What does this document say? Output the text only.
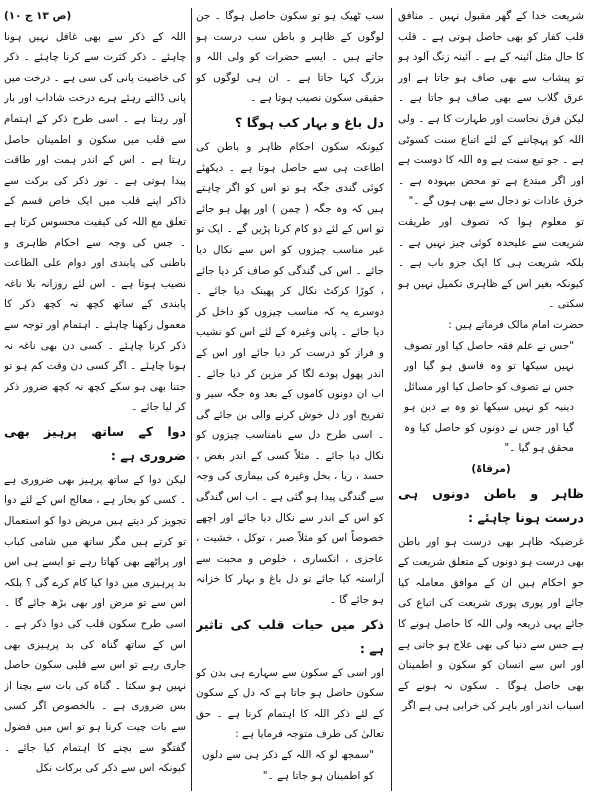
شریعت خدا کے گھر مقبول نہیں ۔ منافق قلب کفار کو بھی حاصل ہوتی ہے ۔ قلب کا حال مثل آئینہ کے ہے ۔ آئینہ زنگ آلود ہو تو پیشاب سے بھی صاف ہو جاتا ہے اور عرق گلاب سے بھی صاف ہو جاتا ہے ۔ لیکن فرق نجاست اور طہارت کا ہے ۔ ولی اللہ کو پہچاننے کے لئے اتباع سنت کسوٹی ہے ۔ جو تبع سنت ہے وہ اللہ کا دوست ہے اور اگر مبتدع ہے تو محض بیہودہ ہے ۔ خرق عادات تو دجال سے بھی ہوں گے ۔"

تو معلوم ہوا کہ تصوف اور طریقت شریعت سے علیحدہ کوئی چیز نہیں ہے ۔ بلکہ شریعت ہی کا ایک جزو باب ہے ۔ کیونکہ بغیر اس کے ظاہری تکمیل نہیں ہو سکتی ۔

حضرت امام مالک فرماتے ہیں :

"جس نے علم فقہ حاصل کیا اور تصوف نہیں سیکھا تو وہ فاسق ہو گیا اور جس نے تصوف کو حاصل کیا اور مسائل دینیہ کو نہیں سیکھا تو وہ بے دین ہو گیا اور جس نے دونوں کو حاصل کیا وہ محقق ہو گیا ۔"

(مرقاۃ)

ظاہر و باطن دونوں ہی درست ہونا چاہئے :

غرضیکہ ظاہر بھی درست ہو اور باطن بھی درست ہو دونوں کے متعلق شریعت کے جو احکام ہیں ان کے موافق معاملہ کیا جائے اور پوری پوری شریعت کی اتباع کی جائے یہی ذریعہ ولی اللہ کا حاصل ہونے کا ہے جس سے دنیا کی بھی علاج ہو جاتی ہے اور اس سے انسان کو سکون و اطمینان بھی حاصل ہوگا ۔ سکون نہ ہونے کے اسباب اندر اور باہر کی خرابی ہی ہے اگر

سب ٹھیک ہو تو سکون حاصل ہوگا ۔ جن لوگوں کے ظاہر و باطن سب درست ہو جاتے ہیں ۔ ایسے حضرات کو ولی اللہ و بزرگ کہا جاتا ہے ۔ ان ہی لوگوں کو حقیقی سکون نصیب ہوتا ہے ۔

دل باغ و بہار کب ہوگا ؟

کیونکہ سکون احکام ظاہر و باطن کی اطاعت ہی سے حاصل ہوتا ہے ۔ دیکھئے کوئی گندی جگہ ہو تو اس کو اگر چاہتے ہیں کہ وہ جگہ ( چمن ) اور پھل ہو جائے تو اس کے لئے دو کام کرنا پڑیں گے ۔ ایک تو غیر مناسب چیزوں کو اس سے نکال دیا جائے ۔ اس کی گندگی کو صاف کر دیا جائے ، کوڑا کرکٹ نکال کر پھینک دیا جائے ۔ دوسرے یہ کہ مناسب چیزوں کو داخل کر دیا جائے ۔ پانی وغیرہ کے لئے اس کو نشیب و فراز کو درست کر دیا جائے اور اس کے اندر پھول پودے لگا کر مزین کر دیا جائے ۔ اب ان دونوں کاموں کے بعد وہ جگہ سیر و تفریح اور دل خوش کرنے والی بن جائے گی ۔ اسی طرح دل سے نامناسب چیزوں کو نکال دیا جائے ۔ مثلاً کسی کے اندر بغض ، حسد ، ریا ، بخل وغیرہ کی بیماری کی وجہ سے گندگی پیدا ہو گئی ہے ۔ اب اس گندگی کو اس کے اندر سے نکال دیا جائے اور اچھے خصوصاً اس کو مثلاً صبر ، توکل ، خشیت ، عاجزی ، انکساری ، خلوص و محبت سے آراستہ کیا جائے تو دل باغ و بہار کا خزانہ ہو جائے گا ۔

ذکر میں حیات قلب کی تاثیر ہے :

اور اسی کے سکون سے سہارے ہی بدن کو سکون حاصل ہو جاتا ہے کہ دل کے سکون کے لئے ذکر اللہ کا اہتمام کرنا ہے ۔ حق تعالیٰ کی طرف متوجہ فرمایا ہے :

"سمجھ لو کہ اللہ کے ذکر ہی سے دلوں کو اطمینان ہو جاتا ہے ۔"

(ص ۱۳ ج ۱۰)

اللہ کے ذکر سے بھی غافل نہیں ہونا چاہئے ۔ ذکر کثرت سے کرنا چاہئے ۔ ذکر کی خاصیت پانی کی سی ہے ۔ درخت میں پانی ڈالتے رہئے ہرے درخت شاداب اور بار آور رہتا ہے ۔ اسی طرح ذکر کے اہتمام سے قلب میں سکون و اطمینان حاصل رہتا ہے ۔ اس کے اندر ہمت اور طاقت پیدا ہوتی ہے ۔ نور ذکر کی برکت سے ذاکر اپنے قلب میں ایک خاص قسم کے تعلق مع اللہ کی کیفیت محسوس کرتا ہے ۔ جس کی وجہ سے احکام ظاہری و باطنی کی پابندی اور دوام علی الطاعت نصیب ہوتا ہے ۔ اس لئے روزانہ بلا ناغہ پابندی کے ساتھ کچھ نہ کچھ ذکر کا معمول رکھنا چاہئے ۔ اہتمام اور توجہ سے ذکر کرنا چاہئے ۔ کسی دن بھی ناغہ نہ ہونا چاہئے ۔ اگر کسی دن وقت کم ہو تو جتنا بھی ہو سکے کچھ نہ کچھ ضرور ذکر کر لیا جائے ۔

دوا کے ساتھ پرہیز بھی ضروری ہے :

لیکن دوا کے ساتھ پرہیز بھی ضروری ہے ۔ کسی کو بخار ہے ، معالج اس کے لئے دوا تجویز کر دیتے ہیں مریض دوا کو استعمال تو کرتے ہیں مگر ساتھ میں شامی کباب اور پراٹھے بھی کھاتا رہے تو ایسے ہی اس بد پرہیزی میں دوا کیا کام کرے گی ؟ بلکہ اس سے تو مرض اور بھی بڑھ جائے گا ۔ اسی طرح سکون قلب کی دوا ذکر ہے ۔ اس کے ساتھ گناہ کی بد پرہیزی بھی جاری رہے تو اس سے قلبی سکون حاصل نہیں ہو سکتا ۔ گناہ کی بات سے بچنا از بس ضروری ہے ۔ بالخصوص اگر کسی سے بات چیت کرنا ہو تو اس میں فضول گفتگو سے بچنے کا اہتمام کیا جائے ۔ کیونکہ اس سے ذکر کی برکات نکل
